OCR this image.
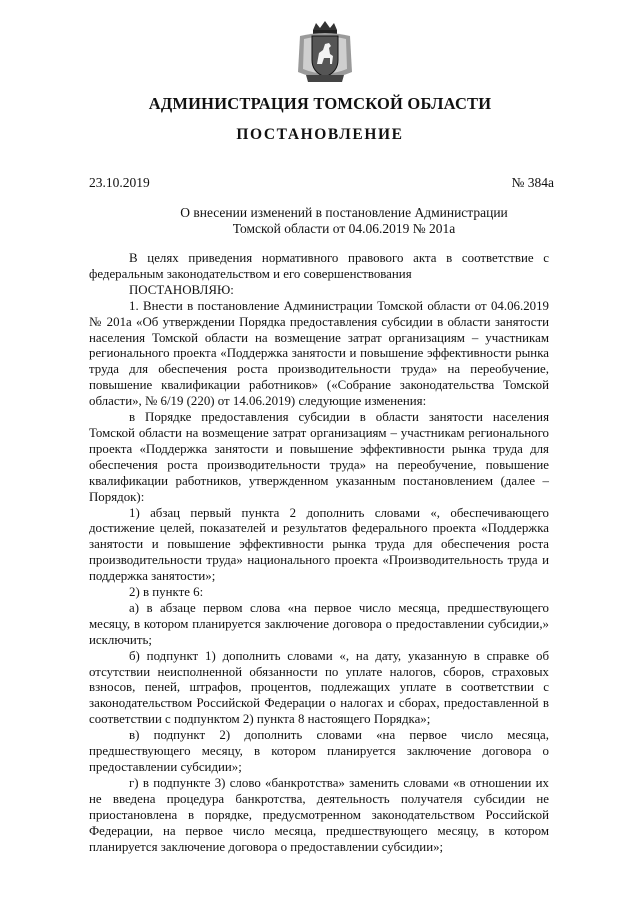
АДМИНИСТРАЦИЯ ТОМСКОЙ ОБЛАСТИ
ПОСТАНОВЛЕНИЕ
23.10.2019	№ 384а
О внесении изменений в постановление Администрации
Томской области от 04.06.2019 № 201а

В целях приведения нормативного правового акта в соответствие с федеральным законодательством и его совершенствования

ПОСТАНОВЛЯЮ:

1. Внести в постановление Администрации Томской области от 04.06.2019 № 201а «Об утверждении Порядка предоставления субсидии в области занятости населения Томской области на возмещение затрат организациям – участникам регионального проекта «Поддержка занятости и повышение эффективности рынка труда для обеспечения роста производительности труда» на переобучение, повышение квалификации работников» («Собрание законодательства Томской области», № 6/19 (220) от 14.06.2019) следующие изменения:

в Порядке предоставления субсидии в области занятости населения Томской области на возмещение затрат организациям – участникам регионального проекта «Поддержка занятости и повышение эффективности рынка труда для обеспечения роста производительности труда» на переобучение, повышение квалификации работников, утвержденном указанным постановлением (далее – Порядок):

1) абзац первый пункта 2 дополнить словами «, обеспечивающего достижение целей, показателей и результатов федерального проекта «Поддержка занятости и повышение эффективности рынка труда для обеспечения роста производительности труда» национального проекта «Производительность труда и поддержка занятости»;

2) в пункте 6:

а) в абзаце первом слова «на первое число месяца, предшествующего месяцу, в котором планируется заключение договора о предоставлении субсидии,» исключить;

б) подпункт 1) дополнить словами «, на дату, указанную в справке об отсутствии неисполненной обязанности по уплате налогов, сборов, страховых взносов, пеней, штрафов, процентов, подлежащих уплате в соответствии с законодательством Российской Федерации о налогах и сборах, предоставленной в соответствии с подпунктом 2) пункта 8 настоящего Порядка»;

в) подпункт 2) дополнить словами «на первое число месяца, предшествующего месяцу, в котором планируется заключение договора о предоставлении субсидии»;

г) в подпункте 3) слово «банкротства» заменить словами «в отношении их не введена процедура банкротства, деятельность получателя субсидии не приостановлена в порядке, предусмотренном законодательством Российской Федерации, на первое число месяца, предшествующего месяцу, в котором планируется заключение договора о предоставлении субсидии»;
